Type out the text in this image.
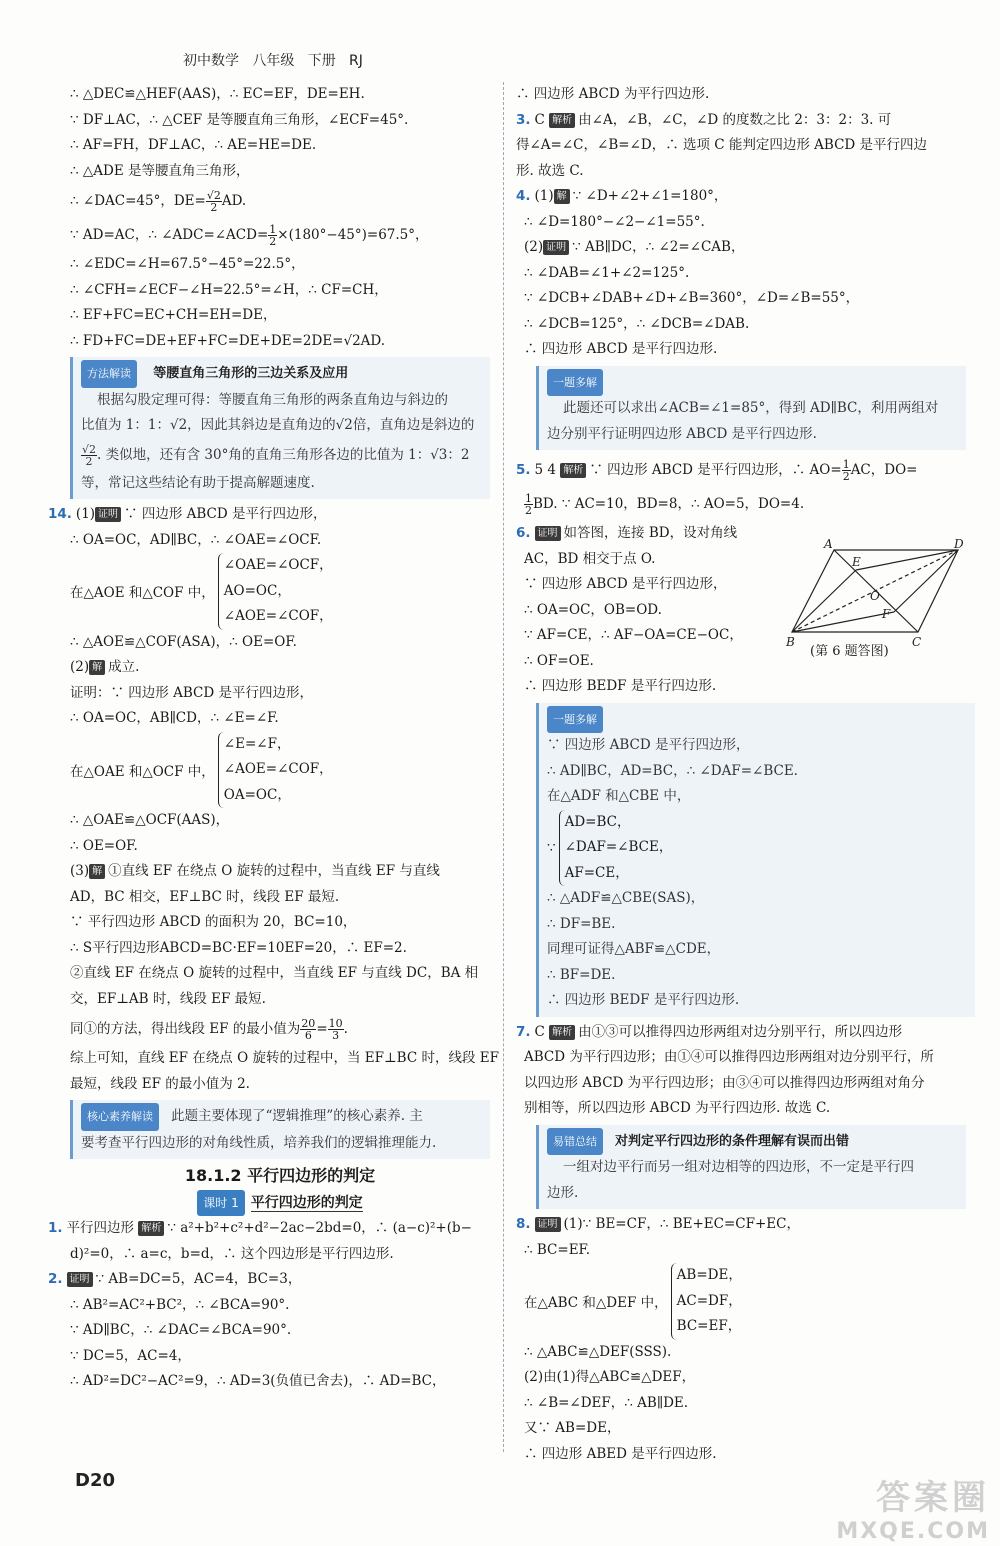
初中数学   八年级   下册   RJ
∴ △DEC≌△HEF(AAS)，∴ EC=EF，DE=EH.
∵ DF⊥AC，∴ △CEF 是等腰直角三角形，∠ECF=45°.
∴ AF=FH，DF⊥AC，∴ AE=HE=DE.
∴ △ADE 是等腰直角三角形，
∴ ∠DAC=45°，$DE= \frac{√2}{2}$ AD.
∵ AD=AC，∴ ∠ADC=∠ACD= $\frac{1}{2} \times(180^\circ-45^\circ)=67.5^\circ$，
∴ ∠EDC=∠H=67.5°−45°=22.5°，
∴ ∠CFH=∠ECF−∠H=22.5°=∠H，∴ CF=CH，
∴ EF+FC=EC+CH=EH=DE，
∴ FD+FC=DE+EF+FC=DE+DE=2DE=√2AD.
方法解读 等腰直角三角形的三边关系及应用
根据勾股定理可得：等腰直角三角形的两条直角边与斜边的
比值为 1：1：√2，因此其斜边是直角边的√2倍，直角边是斜边的
$\frac{√2}{2}$ . 类似地，还有含 30°角的直角三角形各边的比值为 1：√3：2
等，常记这些结论有助于提高解题速度.
14. (1) 证明 ∵ 四边形 ABCD 是平行四边形，
∴ OA=OC，AD∥BC，∴ ∠OAE=∠OCF.
在△AOE 和△COF 中，
∠OAE=∠OCF，
AO=OC，
∠AOE=∠COF，
∴ △AOE≌△COF(ASA)，∴ OE=OF.
(2) 解 成立.
证明：∵ 四边形 ABCD 是平行四边形，
∴ OA=OC，AB∥CD，∴ ∠E=∠F.
在△OAE 和△OCF 中，
∠E=∠F，
∠AOE=∠COF，
OA=OC，
∴ △OAE≌△OCF(AAS)，
∴ OE=OF.
(3) 解 ①直线 EF 在绕点 O 旋转的过程中，当直线 EF 与直线
AD，BC 相交，EF⊥BC 时，线段 EF 最短.
∵ 平行四边形 ABCD 的面积为 20，BC=10，
∴ S平行四边形ABCD=BC·EF=10EF=20，∴ EF=2.
②直线 EF 在绕点 O 旋转的过程中，当直线 EF 与直线 DC，BA 相
交，EF⊥AB 时，线段 EF 最短.
同①的方法，得出线段 EF 的最小值为 $\frac{20}{6} = \frac{10}{3}$ .
综上可知，直线 EF 在绕点 O 旋转的过程中，当 EF⊥BC 时，线段 EF
最短，线段 EF 的最小值为 2.
核心素养解读 此题主要体现了“逻辑推理”的核心素养. 主
要考查平行四边形的对角线性质，培养我们的逻辑推理能力.
18.1.2 平行四边形的判定
课时 1 平行四边形的判定
1. 平行四边形 解析 ∵ a²+b²+c²+d²−2ac−2bd=0，∴ (a−c)²+(b−
d)²=0，∴ a=c，b=d，∴ 这个四边形是平行四边形.
2. 证明 ∵ AB=DC=5，AC=4，BC=3，
∴ AB²=AC²+BC²，∴ ∠BCA=90°.
∵ AD∥BC，∴ ∠DAC=∠BCA=90°.
∵ DC=5，AC=4，
∴ AD²=DC²−AC²=9，∴ AD=3(负值已舍去)，∴ AD=BC，
∴ 四边形 ABCD 为平行四边形.
3. C 解析 由∠A，∠B，∠C，∠D 的度数之比 2：3：2：3. 可
得∠A=∠C，∠B=∠D，∴ 选项 C 能判定四边形 ABCD 是平行四边
形. 故选 C.
4. (1) 解 ∵ ∠D+∠2+∠1=180°，
∴ ∠D=180°−∠2−∠1=55°.
(2) 证明 ∵ AB∥DC，∴ ∠2=∠CAB，
∴ ∠DAB=∠1+∠2=125°.
∵ ∠DCB+∠DAB+∠D+∠B=360°，∠D=∠B=55°，
∴ ∠DCB=125°，∴ ∠DCB=∠DAB.
∴ 四边形 ABCD 是平行四边形.
一题多解
此题还可以求出∠ACB=∠1=85°，得到 AD∥BC，利用两组对
边分别平行证明四边形 ABCD 是平行四边形.
5. 5 4 解析 ∵ 四边形 ABCD 是平行四边形，∴ $AO= \frac{1}{2}$ AC，DO=
$\frac{1}{2}$ BD. ∵ AC=10，BD=8，∴ AO=5，DO=4.
6. 证明 如答图，连接 BD，设对角线
AC，BD 相交于点 O.
∵ 四边形 ABCD 是平行四边形，
∴ OA=OC，OB=OD.
∵ AF=CE，∴ AF−OA=CE−OC，
∴ OF=OE.
∴ 四边形 BEDF 是平行四边形.
一题多解
∵ 四边形 ABCD 是平行四边形，
∴ AD∥BC，AD=BC，∴ ∠DAF=∠BCE.
在△ADF 和△CBE 中，
∵
AD=BC，
∠DAF=∠BCE，
AF=CE，
∴ △ADF≌△CBE(SAS)，
∴ DF=BE.
同理可证得△ABF≌△CDE，
∴ BF=DE.
∴ 四边形 BEDF 是平行四边形.
7. C 解析 由①③可以推得四边形两组对边分别平行，所以四边形
ABCD 为平行四边形；由①④可以推得四边形两组对边分别平行，所
以四边形 ABCD 为平行四边形；由③④可以推得四边形两组对角分
别相等，所以四边形 ABCD 为平行四边形. 故选 C.
易错总结 对判定平行四边形的条件理解有误而出错
一组对边平行而另一组对边相等的四边形，不一定是平行四
边形.
8. 证明 (1)∵ BE=CF，∴ BE+EC=CF+EC，
∴ BC=EF.
在△ABC 和△DEF 中，
AB=DE，
AC=DF，
BC=EF，
∴ △ABC≌△DEF(SSS).
(2)由(1)得△ABC≌△DEF，
∴ ∠B=∠DEF，∴ AB∥DE.
又∵ AB=DE，
∴ 四边形 ABED 是平行四边形.
A	D
E
O
F
B	C
(第 6 题答图)
D20	答案圈
MXQE.COM
